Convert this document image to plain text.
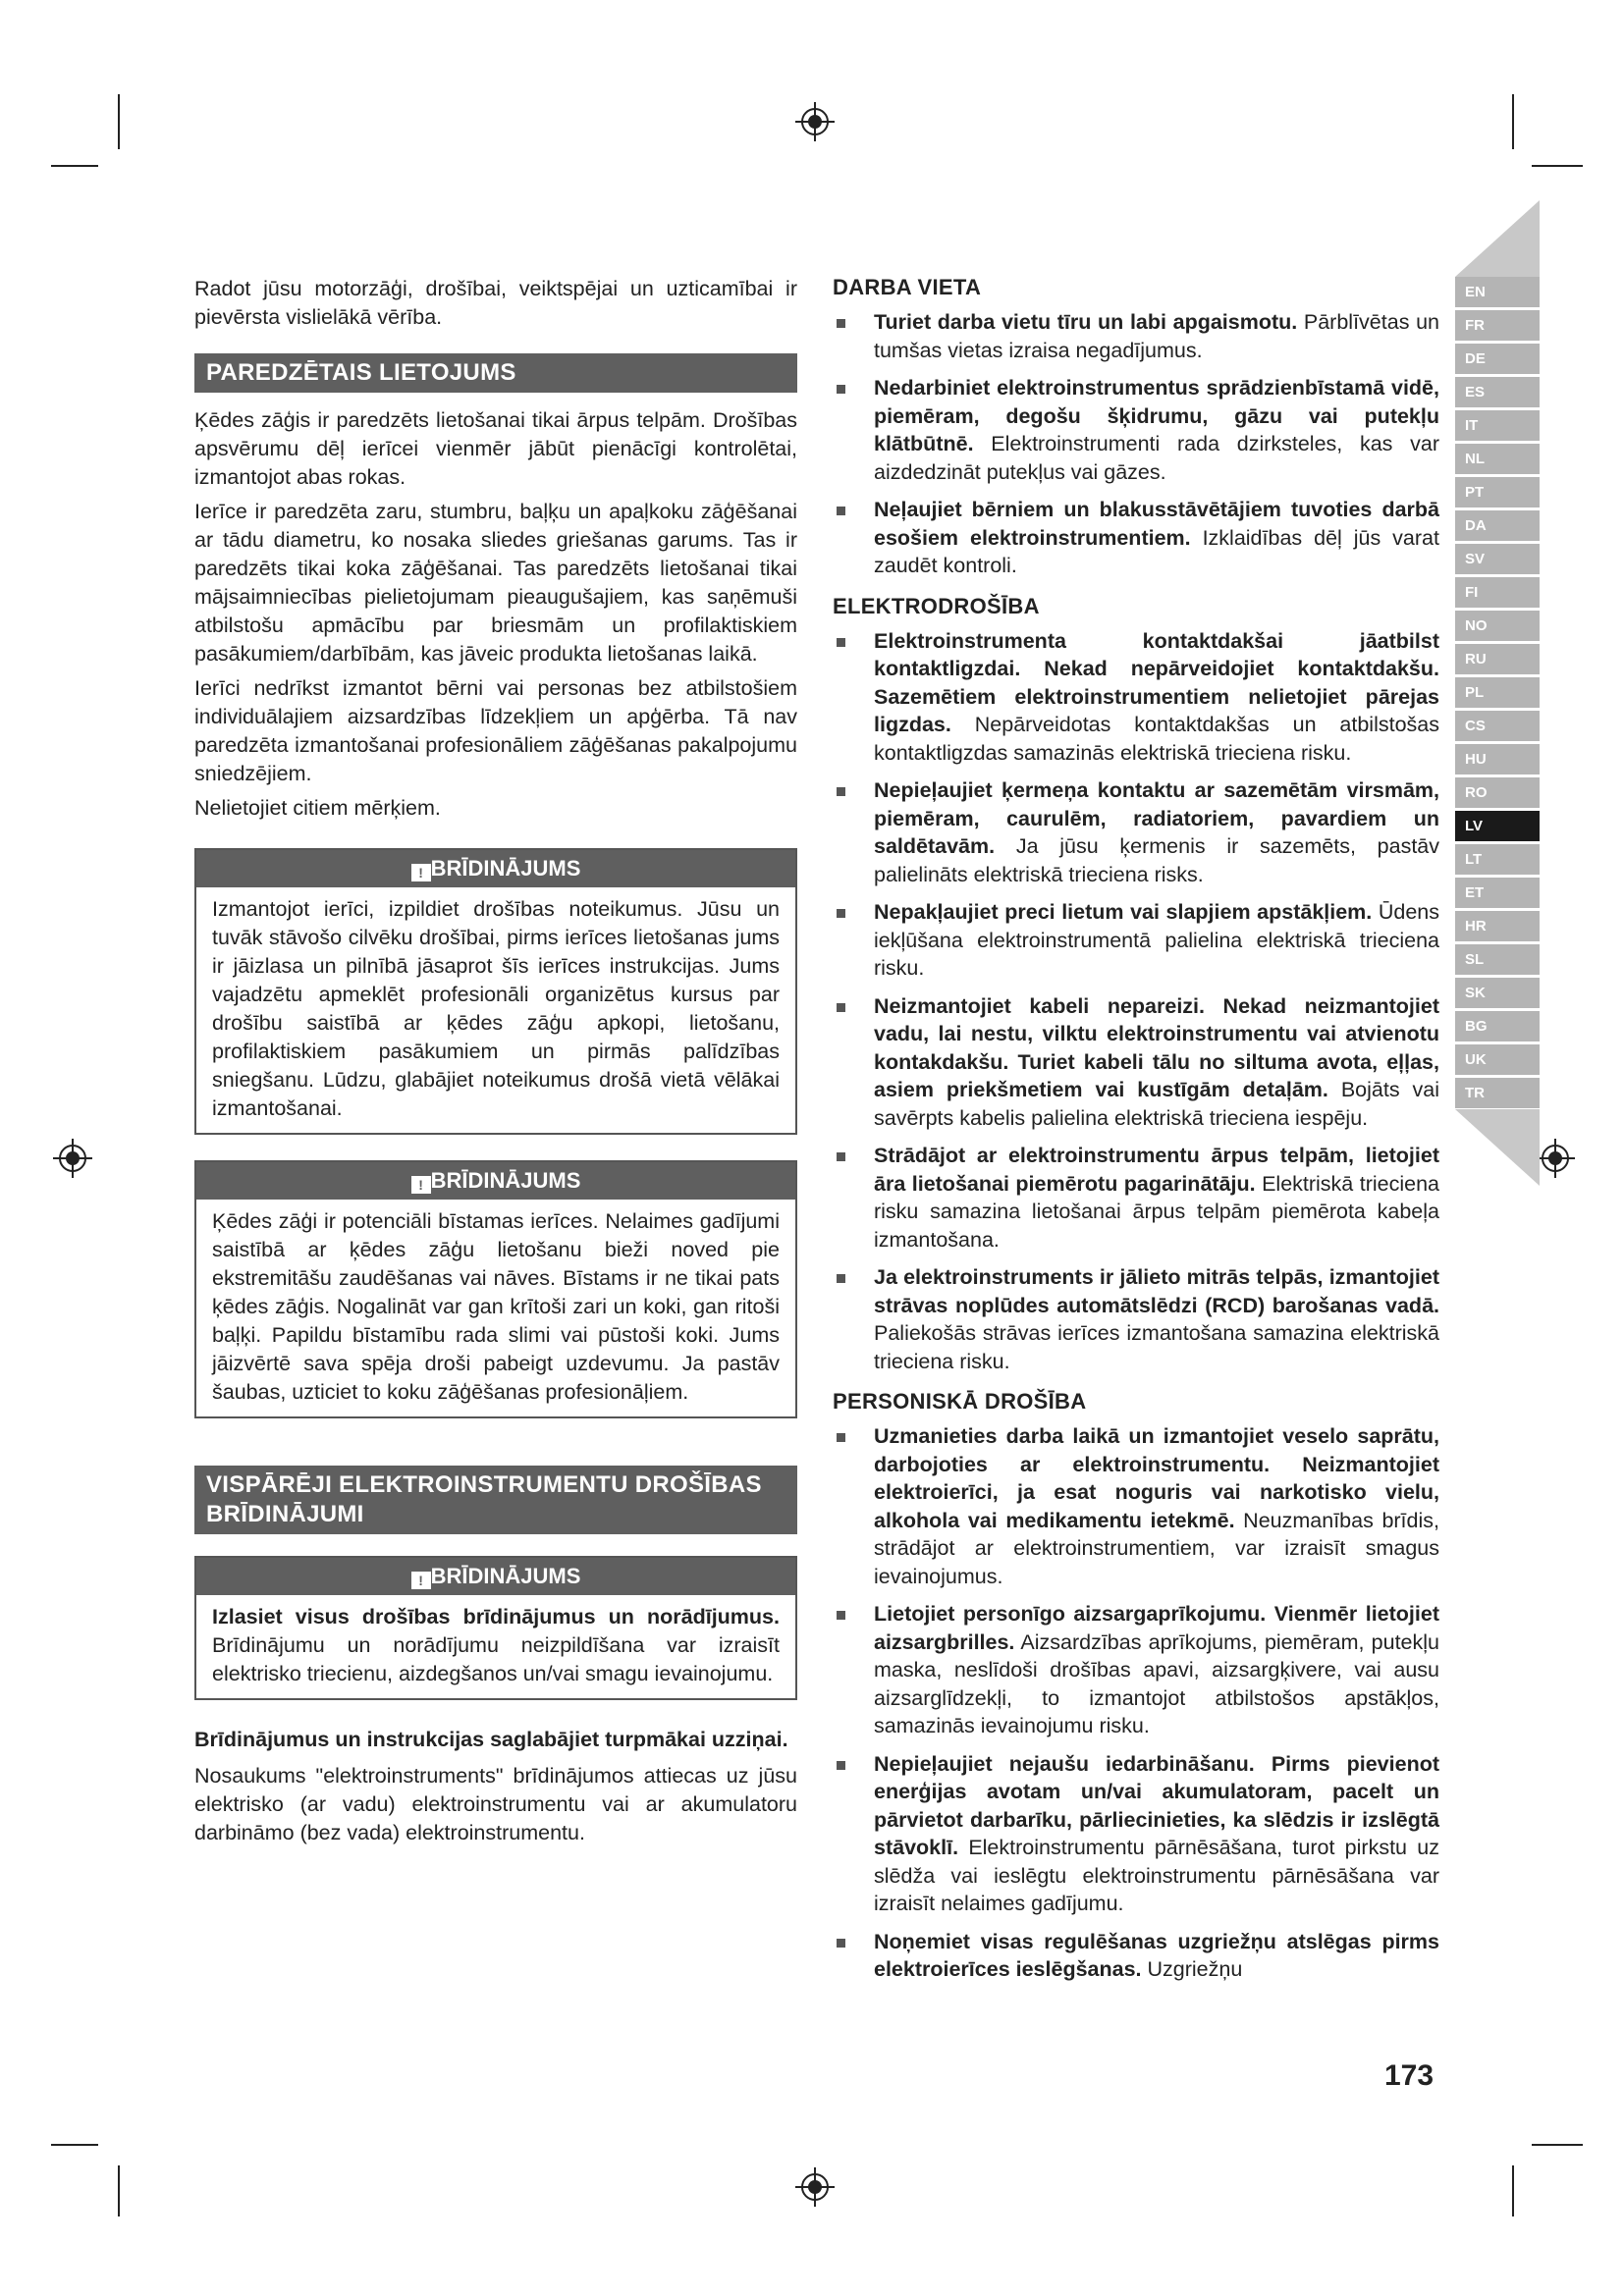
Radot jūsu motorzāģi, drošībai, veiktspējai un uzticamībai ir pievērsta vislielākā vērība.

PAREDZĒTAIS LIETOJUMS

Ķēdes zāģis ir paredzēts lietošanai tikai ārpus telpām. Drošības apsvērumu dēļ ierīcei vienmēr jābūt pienācīgi kontrolētai, izmantojot abas rokas.

Ierīce ir paredzēta zaru, stumbru, baļķu un apaļkoku zāģēšanai ar tādu diametru, ko nosaka sliedes griešanas garums. Tas ir paredzēts tikai koka zāģēšanai. Tas paredzēts lietošanai tikai mājsaimniecības pielietojumam pieaugušajiem, kas saņēmuši atbilstošu apmācību par briesmām un profilaktiskiem pasākumiem/darbībām, kas jāveic produkta lietošanas laikā.

Ierīci nedrīkst izmantot bērni vai personas bez atbilstošiem individuālajiem aizsardzības līdzekļiem un apģērba. Tā nav paredzēta izmantošanai profesionāliem zāģēšanas pakalpojumu sniedzējiem.

Nelietojiet citiem mērķiem.

! BRĪDINĀJUMS
Izmantojot ierīci, izpildiet drošības noteikumus. Jūsu un tuvāk stāvošo cilvēku drošībai, pirms ierīces lietošanas jums ir jāizlasa un pilnībā jāsaprot šīs ierīces instrukcijas. Jums vajadzētu apmeklēt profesionāli organizētus kursus par drošību saistībā ar ķēdes zāģu apkopi, lietošanu, profilaktiskiem pasākumiem un pirmās palīdzības sniegšanu. Lūdzu, glabājiet noteikumus drošā vietā vēlākai izmantošanai.
! BRĪDINĀJUMS
Ķēdes zāģi ir potenciāli bīstamas ierīces. Nelaimes gadījumi saistībā ar ķēdes zāģu lietošanu bieži noved pie ekstremitāšu zaudēšanas vai nāves. Bīstams ir ne tikai pats ķēdes zāģis. Nogalināt var gan krītoši zari un koki, gan ritoši baļķi. Papildu bīstamību rada slimi vai pūstoši koki. Jums jāizvērtē sava spēja droši pabeigt uzdevumu. Ja pastāv šaubas, uzticiet to koku zāģēšanas profesionāļiem.
VISPĀRĒJI ELEKTROINSTRUMENTU DROŠĪBAS BRĪDINĀJUMI
! BRĪDINĀJUMS
Izlasiet visus drošības brīdinājumus un norādījumus. Brīdinājumu un norādījumu neizpildīšana var izraisīt elektrisko triecienu, aizdegšanos un/vai smagu ievainojumu.

Brīdinājumus un instrukcijas saglabājiet turpmākai uzziņai.

Nosaukums "elektroinstruments" brīdinājumos attiecas uz jūsu elektrisko (ar vadu) elektroinstrumentu vai ar akumulatoru darbināmo (bez vada) elektroinstrumentu.

DARBA VIETA
Turiet darba vietu tīru un labi apgaismotu. Pārblīvētas un tumšas vietas izraisa negadījumus.
Nedarbiniet elektroinstrumentus sprādzienbīstamā vidē, piemēram, degošu šķidrumu, gāzu vai putekļu klātbūtnē. Elektroinstrumenti rada dzirksteles, kas var aizdedzināt putekļus vai gāzes.
Neļaujiet bērniem un blakusstāvētājiem tuvoties darbā esošiem elektroinstrumentiem. Izklaidības dēļ jūs varat zaudēt kontroli.
ELEKTRODROŠĪBA
Elektroinstrumenta kontaktdakšai jāatbilst kontaktligzdai. Nekad nepārveidojiet kontaktdakšu. Sazemētiem elektroinstrumentiem nelietojiet pārejas ligzdas. Nepārveidotas kontaktdakšas un atbilstošas kontaktligzdas samazinās elektriskā trieciena risku.
Nepieļaujiet ķermeņa kontaktu ar sazemētām virsmām, piemēram, caurulēm, radiatoriem, pavardiem un saldētavām. Ja jūsu ķermenis ir sazemēts, pastāv palielināts elektriskā trieciena risks.
Nepakļaujiet preci lietum vai slapjiem apstākļiem. Ūdens iekļūšana elektroinstrumentā palielina elektriskā trieciena risku.
Neizmantojiet kabeli nepareizi. Nekad neizmantojiet vadu, lai nestu, vilktu elektroinstrumentu vai atvienotu kontakdakšu. Turiet kabeli tālu no siltuma avota, eļļas, asiem priekšmetiem vai kustīgām detaļām. Bojāts vai savērpts kabelis palielina elektriskā trieciena iespēju.
Strādājot ar elektroinstrumentu ārpus telpām, lietojiet āra lietošanai piemērotu pagarinātāju. Elektriskā trieciena risku samazina lietošanai ārpus telpām piemērota kabeļa izmantošana.
Ja elektroinstruments ir jālieto mitrās telpās, izmantojiet strāvas noplūdes automātslēdzi (RCD) barošanas vadā. Paliekošās strāvas ierīces izmantošana samazina elektriskā trieciena risku.
PERSONISKĀ DROŠĪBA
Uzmanieties darba laikā un izmantojiet veselo saprātu, darbojoties ar elektroinstrumentu. Neizmantojiet elektroierīci, ja esat noguris vai narkotisko vielu, alkohola vai medikamentu ietekmē. Neuzmanības brīdis, strādājot ar elektroinstrumentiem, var izraisīt smagus ievainojumus.
Lietojiet personīgo aizsargaprīkojumu. Vienmēr lietojiet aizsargbrilles. Aizsardzības aprīkojums, piemēram, putekļu maska, neslīdoši drošības apavi, aizsargķivere, vai ausu aizsarglīdzekļi, to izmantojot atbilstošos apstākļos, samazinās ievainojumu risku.
Nepieļaujiet nejaušu iedarbināšanu. Pirms pievienot enerģijas avotam un/vai akumulatoram, pacelt un pārvietot darbarīku, pārliecinieties, ka slēdzis ir izslēgtā stāvoklī. Elektroinstrumentu pārnēsāšana, turot pirkstu uz slēdža vai ieslēgtu elektroinstrumentu pārnēsāšana var izraisīt nelaimes gadījumu.
Noņemiet visas regulēšanas uzgriežņu atslēgas pirms elektroierīces ieslēgšanas. Uzgriežņu
EN
FR
DE
ES
IT
NL
PT
DA
SV
FI
NO
RU
PL
CS
HU
RO
LV
LT
ET
HR
SL
SK
BG
UK
TR
173
